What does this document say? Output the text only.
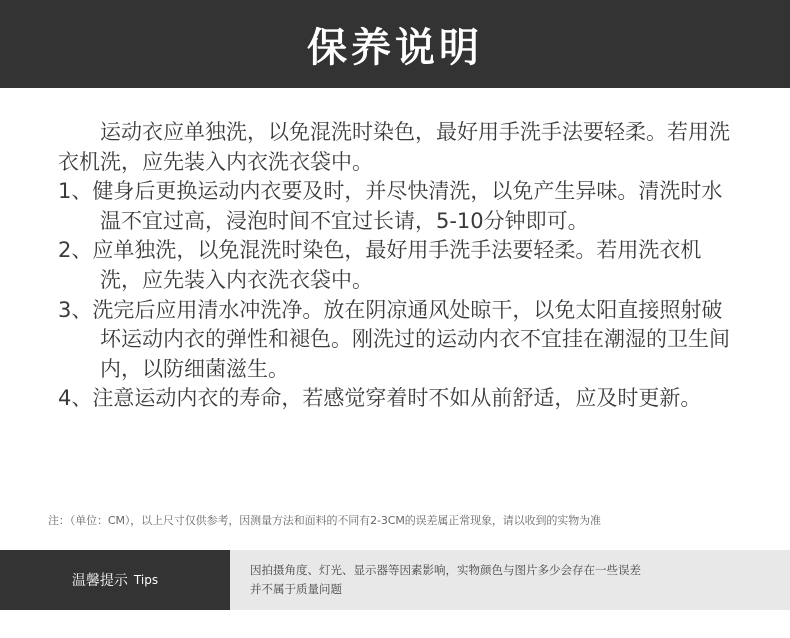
保养说明

运动衣应单独洗，以免混洗时染色，最好用手洗手法要轻柔。若用洗衣机洗，应先装入内衣洗衣袋中。

1、健身后更换运动内衣要及时，并尽快清洗，以免产生异味。清洗时水温不宜过高，浸泡时间不宜过长请，5-10分钟即可。

2、应单独洗，以免混洗时染色，最好用手洗手法要轻柔。若用洗衣机洗，应先装入内衣洗衣袋中。

3、洗完后应用清水冲洗净。放在阴凉通风处晾干，以免太阳直接照射破坏运动内衣的弹性和褪色。刚洗过的运动内衣不宜挂在潮湿的卫生间内，以防细菌滋生。

4、注意运动内衣的寿命，若感觉穿着时不如从前舒适，应及时更新。

注：（单位：CM），以上尺寸仅供参考，因测量方法和面料的不同有2-3CM的误差属正常现象，请以收到的实物为准
温馨提示 Tips
因拍摄角度、灯光、显示器等因素影响，实物颜色与图片多少会存在一些误差
并不属于质量问题
